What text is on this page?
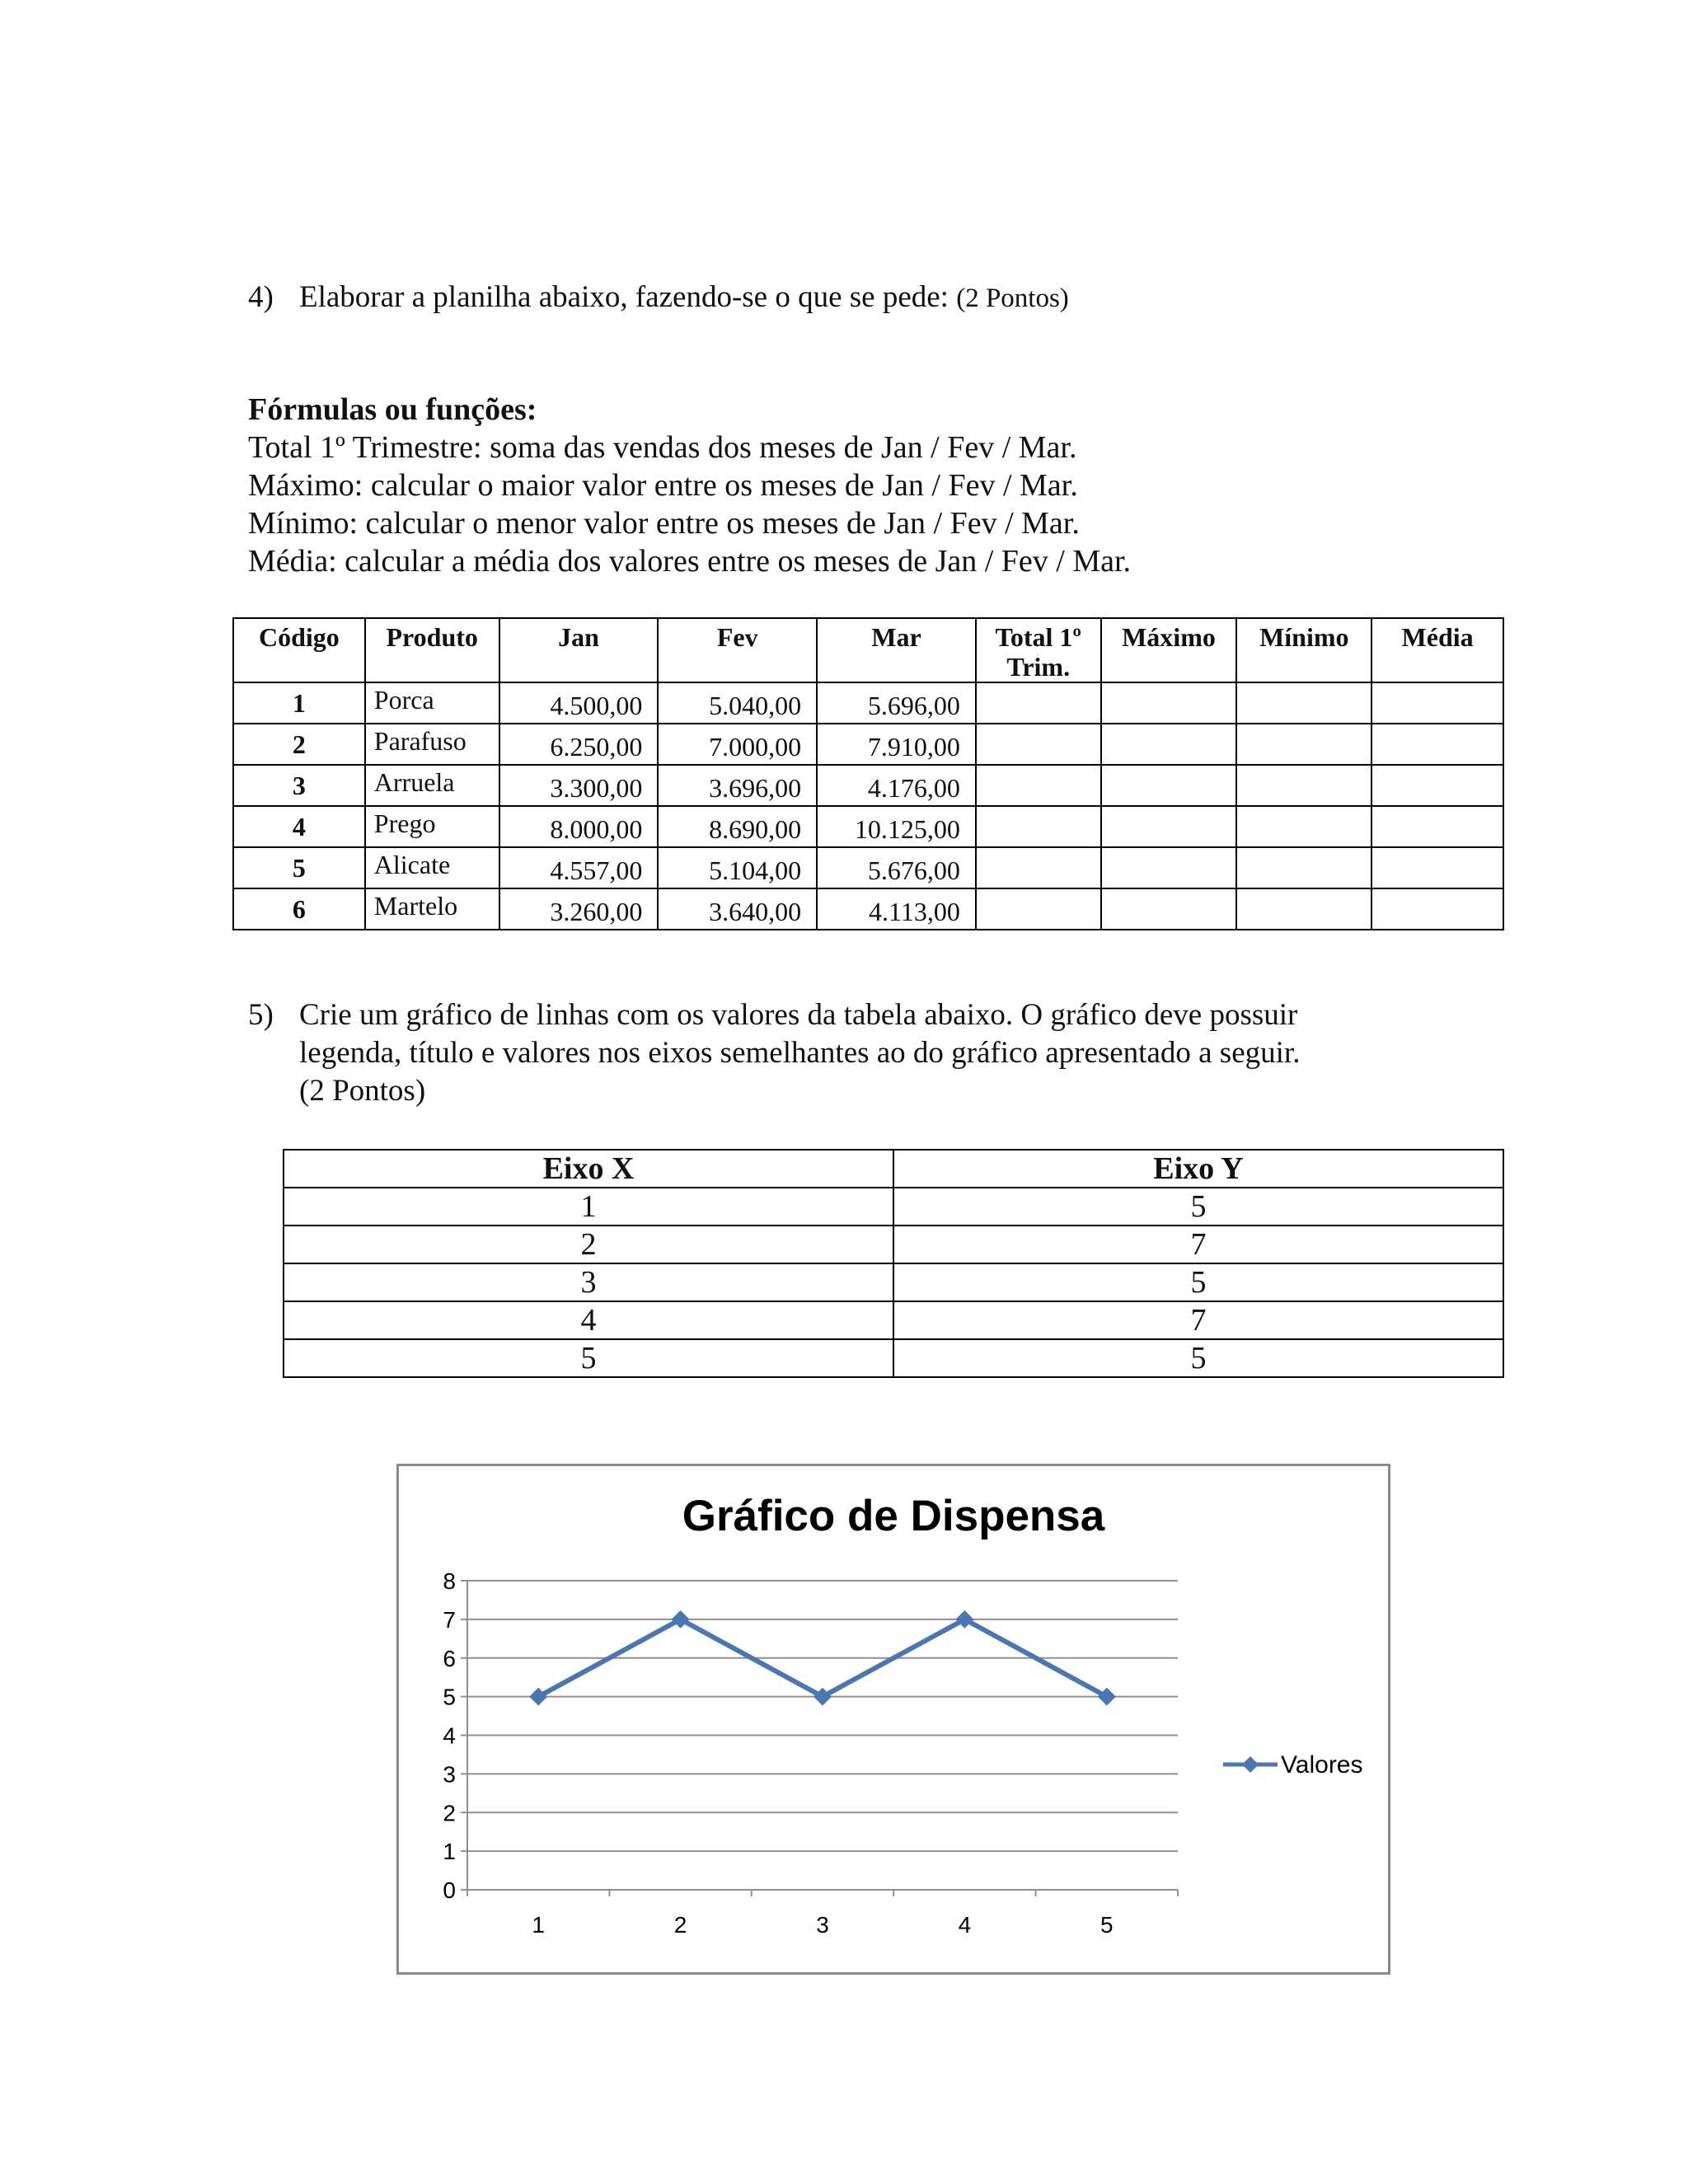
4) Elaborar a planilha abaixo, fazendo-se o que se pede: (2 Pontos)
Fórmulas ou funções:
Total 1º Trimestre: soma das vendas dos meses de Jan / Fev / Mar.
Máximo: calcular o maior valor entre os meses de Jan / Fev / Mar.
Mínimo: calcular o menor valor entre os meses de Jan / Fev / Mar.
Média: calcular a média dos valores entre os meses de Jan / Fev / Mar.
Código	Produto	Jan	Fev	Mar	Total 1º Trim.	Máximo	Mínimo	Média
1	Porca	4.500,00	5.040,00	5.696,00				
2	Parafuso	6.250,00	7.000,00	7.910,00				
3	Arruela	3.300,00	3.696,00	4.176,00				
4	Prego	8.000,00	8.690,00	10.125,00				
5	Alicate	4.557,00	5.104,00	5.676,00				
6	Martelo	3.260,00	3.640,00	4.113,00				
5) Crie um gráfico de linhas com os valores da tabela abaixo. O gráfico deve possuir
legenda, título e valores nos eixos semelhantes ao do gráfico apresentado a seguir.
(2 Pontos)
Eixo X	Eixo Y
1	5
2	7
3	5
4	7
5	5
Gráfico de Dispensa
0
1
2
3
4
5
6
7
8
1	2	3	4	5
Valores
